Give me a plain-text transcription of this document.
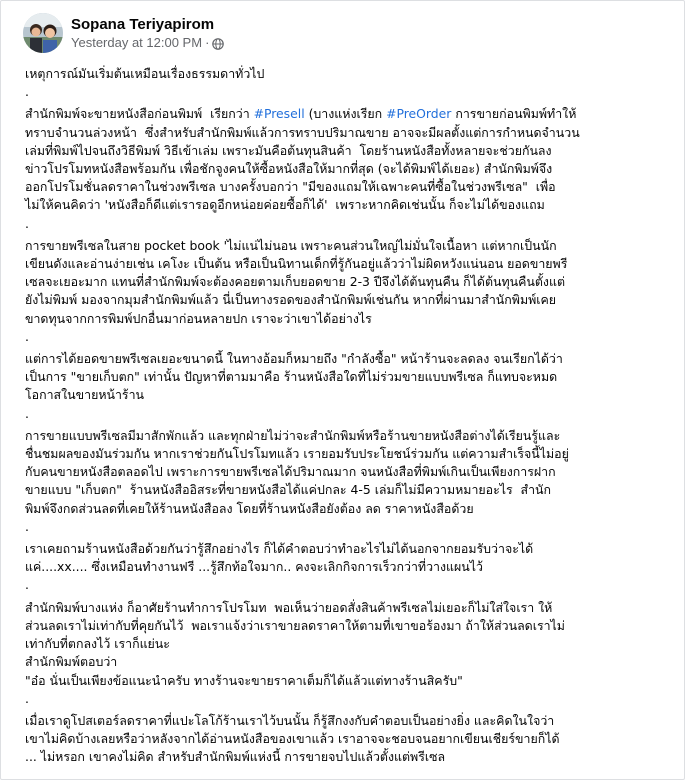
Sopana Teriyapirom
Yesterday at 12:00 PM ·

เหตุการณ์มันเริ่มต้นเหมือนเรื่องธรรมดาทั่วไป
.

สำนักพิมพ์จะขายหนังสือก่อนพิมพ์  เรียกว่า #Presell (บางแห่งเรียก #PreOrder การขายก่อนพิมพ์ทำให้
ทราบจำนวนล่วงหน้า  ซึ่งสำหรับสำนักพิมพ์แล้วการทราบปริมาณขาย อาจจะมีผลตั้งแต่การกำหนดจำนวน
เล่มที่พิมพ์ไปจนถึงวิธีพิมพ์ วิธีเข้าเล่ม เพราะมันคือต้นทุนสินค้า  โดยร้านหนังสือทั้งหลายจะช่วยกันลง
ข่าวโปรโมทหนังสือพร้อมกัน เพื่อชักจูงคนให้ซื้อหนังสือให้มากที่สุด (จะได้พิมพ์ได้เยอะ) สำนักพิมพ์จึง
ออกโปรโมชั่นลดราคาในช่วงพรีเซล บางครั้งบอกว่า "มีของแถมให้เฉพาะคนที่ซื้อในช่วงพรีเซล"  เพื่อ
ไม่ให้คนคิดว่า 'หนังสือก็ดีแต่เรารอดูอีกหน่อยค่อยซื้อก็ได้'  เพราะหากคิดเช่นนั้น ก็จะไม่ได้ของแถม
.

การขายพรีเซลในสาย pocket book 'ไม่แน่ไม่นอน เพราะคนส่วนใหญ่ไม่มั่นใจเนื้อหา แต่หากเป็นนัก
เขียนดังและอ่านง่ายเช่น เคโงะ เป็นต้น หรือเป็นนิทานเด็กที่รู้กันอยู่แล้วว่าไม่ผิดหวังแน่นอน ยอดขายพรี
เซลจะเยอะมาก แทนที่สำนักพิมพ์จะต้องคอยตามเก็บยอดขาย 2-3 ปีจึงได้ต้นทุนคืน ก็ได้ต้นทุนคืนตั้งแต่
ยังไม่พิมพ์ มองจากมุมสำนักพิมพ์แล้ว นี่เป็นทางรอดของสำนักพิมพ์เช่นกัน หากที่ผ่านมาสำนักพิมพ์เคย
ขาดทุนจากการพิมพ์ปกอื่นมาก่อนหลายปก เราจะว่าเขาได้อย่างไร
.

แต่การได้ยอดขายพรีเซลเยอะขนาดนี้ ในทางอ้อมก็หมายถึง "กำลังซื้อ" หน้าร้านจะลดลง จนเรียกได้ว่า
เป็นการ "ขายเก็บตก" เท่านั้น ปัญหาที่ตามมาคือ ร้านหนังสือใดที่ไม่ร่วมขายแบบพรีเซล ก็แทบจะหมด
โอกาสในขายหน้าร้าน
.

การขายแบบพรีเซลมีมาสักพักแล้ว และทุกฝ่ายไม่ว่าจะสำนักพิมพ์หรือร้านขายหนังสือต่างได้เรียนรู้และ
ชื่นชมผลของมันร่วมกัน หากเราช่วยกันโปรโมทแล้ว เรายอมรับประโยชน์ร่วมกัน แต่ความสำเร็จนี้ไม่อยู่
กับคนขายหนังสือตลอดไป เพราะการขายพรีเซลได้ปริมาณมาก จนหนังสือที่พิมพ์เกินเป็นเพียงการฝาก
ขายแบบ "เก็บตก"  ร้านหนังสืออิสระที่ขายหนังสือได้แค่ปกละ 4-5 เล่มก็ไม่มีความหมายอะไร  สำนัก
พิมพ์จึงกดส่วนลดที่เคยให้ร้านหนังสือลง โดยที่ร้านหนังสือยังต้อง ลด ราคาหนังสือด้วย
.

เราเคยถามร้านหนังสือด้วยกันว่ารู้สึกอย่างไร ก็ได้คำตอบว่าทำอะไรไม่ได้นอกจากยอมรับว่าจะได้
แค่....xx.... ซึ่งเหมือนทำงานฟรี ...รู้สึกท้อใจมาก.. คงจะเลิกกิจการเร็วกว่าที่วางแผนไว้
.

สำนักพิมพ์บางแห่ง ก็อาศัยร้านทำการโปรโมท  พอเห็นว่ายอดสั่งสินค้าพรีเซลไม่เยอะก็ไม่ใส่ใจเรา ให้
ส่วนลดเราไม่เท่ากับที่คุยกันไว้  พอเราแจ้งว่าเราขายลดราคาให้ตามที่เขาขอร้องมา ถ้าให้ส่วนลดเราไม่
เท่ากับที่ตกลงไว้ เราก็แย่นะ
สำนักพิมพ์ตอบว่า
"อ๋อ นั่นเป็นเพียงข้อแนะนำครับ ทางร้านจะขายราคาเต็มก็ได้แล้วแต่ทางร้านสิครับ"
.

เมื่อเราดูโปสเตอร์ลดราคาที่แปะโลโก้ร้านเราไว้บนนั้น ก็รู้สึกงงกับคำตอบเป็นอย่างยิ่ง และคิดในใจว่า
เขาไม่คิดบ้างเลยหรือว่าหลังจากได้อ่านหนังสือของเขาแล้ว เราอาจจะชอบจนอยากเขียนเชียร์ขายก็ได้
... ไม่หรอก เขาคงไม่คิด สำหรับสำนักพิมพ์แห่งนี้ การขายจบไปแล้วตั้งแต่พรีเซล
